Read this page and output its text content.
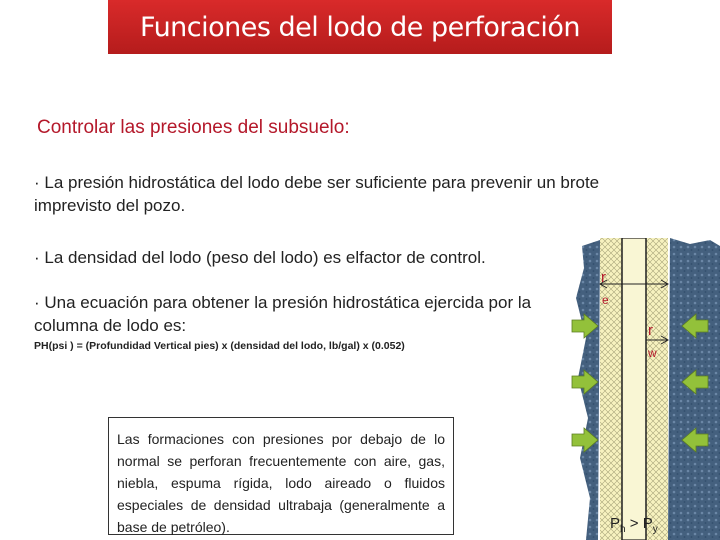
Funciones del lodo de perforación
Controlar las presiones del subsuelo:
· La presión hidrostática del lodo debe ser suficiente para prevenir un brote imprevisto del pozo.
· La densidad del lodo (peso del lodo) es elfactor de control.
· Una ecuación para obtener la presión hidrostática ejercida por la columna de lodo es:
PH(psi ) = (Profundidad Vertical pies) x (densidad del lodo, lb/gal) x (0.052)
Las formaciones con presiones por debajo de lo normal se perforan frecuentemente con aire, gas, niebla, espuma rígida, lodo aireado o fluidos especiales de densidad ultrabaja (generalmente a base de petróleo).
r
e
r
w
$P_h > P_y$
